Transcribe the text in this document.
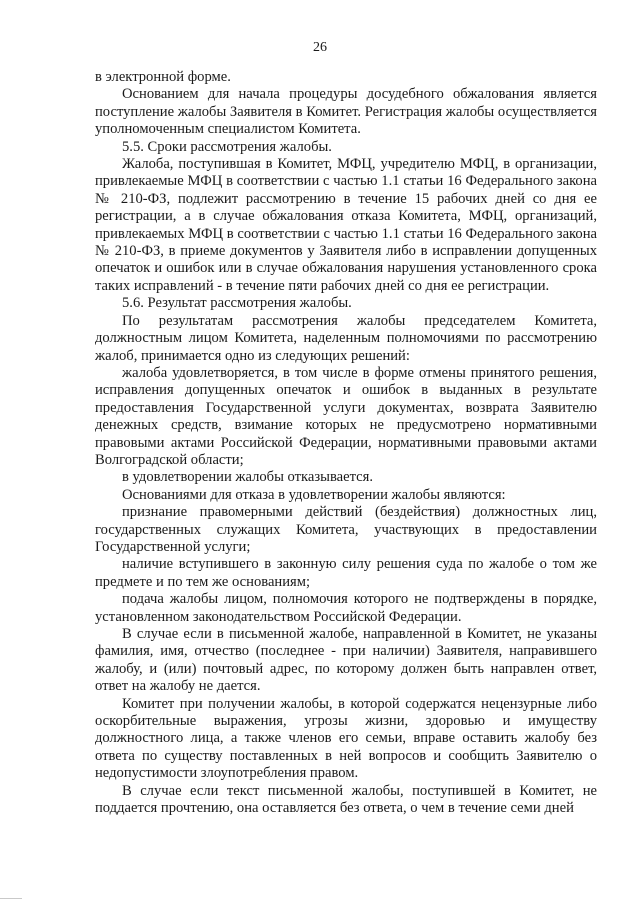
26

в электронной форме.

Основанием для начала процедуры досудебного обжалования является поступление жалобы Заявителя в Комитет. Регистрация жалобы осуществляется уполномоченным специалистом Комитета.

5.5. Сроки рассмотрения жалобы.

Жалоба, поступившая в Комитет, МФЦ, учредителю МФЦ, в организации, привлекаемые МФЦ в соответствии с частью 1.1 статьи 16 Федерального закона № 210-ФЗ, подлежит рассмотрению в течение 15 рабочих дней со дня ее регистрации, а в случае обжалования отказа Комитета, МФЦ, организаций, привлекаемых МФЦ в соответствии с частью 1.1 статьи 16 Федерального закона № 210-ФЗ, в приеме документов у Заявителя либо в исправлении допущенных опечаток и ошибок или в случае обжалования нарушения установленного срока таких исправлений - в течение пяти рабочих дней со дня ее регистрации.

5.6. Результат рассмотрения жалобы.

По результатам рассмотрения жалобы председателем Комитета, должностным лицом Комитета, наделенным полномочиями по рассмотрению жалоб, принимается одно из следующих решений:

жалоба удовлетворяется, в том числе в форме отмены принятого решения, исправления допущенных опечаток и ошибок в выданных в результате предоставления Государственной услуги документах, возврата Заявителю денежных средств, взимание которых не предусмотрено нормативными правовыми актами Российской Федерации, нормативными правовыми актами Волгоградской области;

в удовлетворении жалобы отказывается.

Основаниями для отказа в удовлетворении жалобы являются:

признание правомерными действий (бездействия) должностных лиц, государственных служащих Комитета, участвующих в предоставлении Государственной услуги;

наличие вступившего в законную силу решения суда по жалобе о том же предмете и по тем же основаниям;

подача жалобы лицом, полномочия которого не подтверждены в порядке, установленном законодательством Российской Федерации.

В случае если в письменной жалобе, направленной в Комитет, не указаны фамилия, имя, отчество (последнее - при наличии) Заявителя, направившего жалобу, и (или) почтовый адрес, по которому должен быть направлен ответ, ответ на жалобу не дается.

Комитет при получении жалобы, в которой содержатся нецензурные либо оскорбительные выражения, угрозы жизни, здоровью и имуществу должностного лица, а также членов его семьи, вправе оставить жалобу без ответа по существу поставленных в ней вопросов и сообщить Заявителю о недопустимости злоупотребления правом.

В случае если текст письменной жалобы, поступившей в Комитет, не поддается прочтению, она оставляется без ответа, о чем в течение семи дней
